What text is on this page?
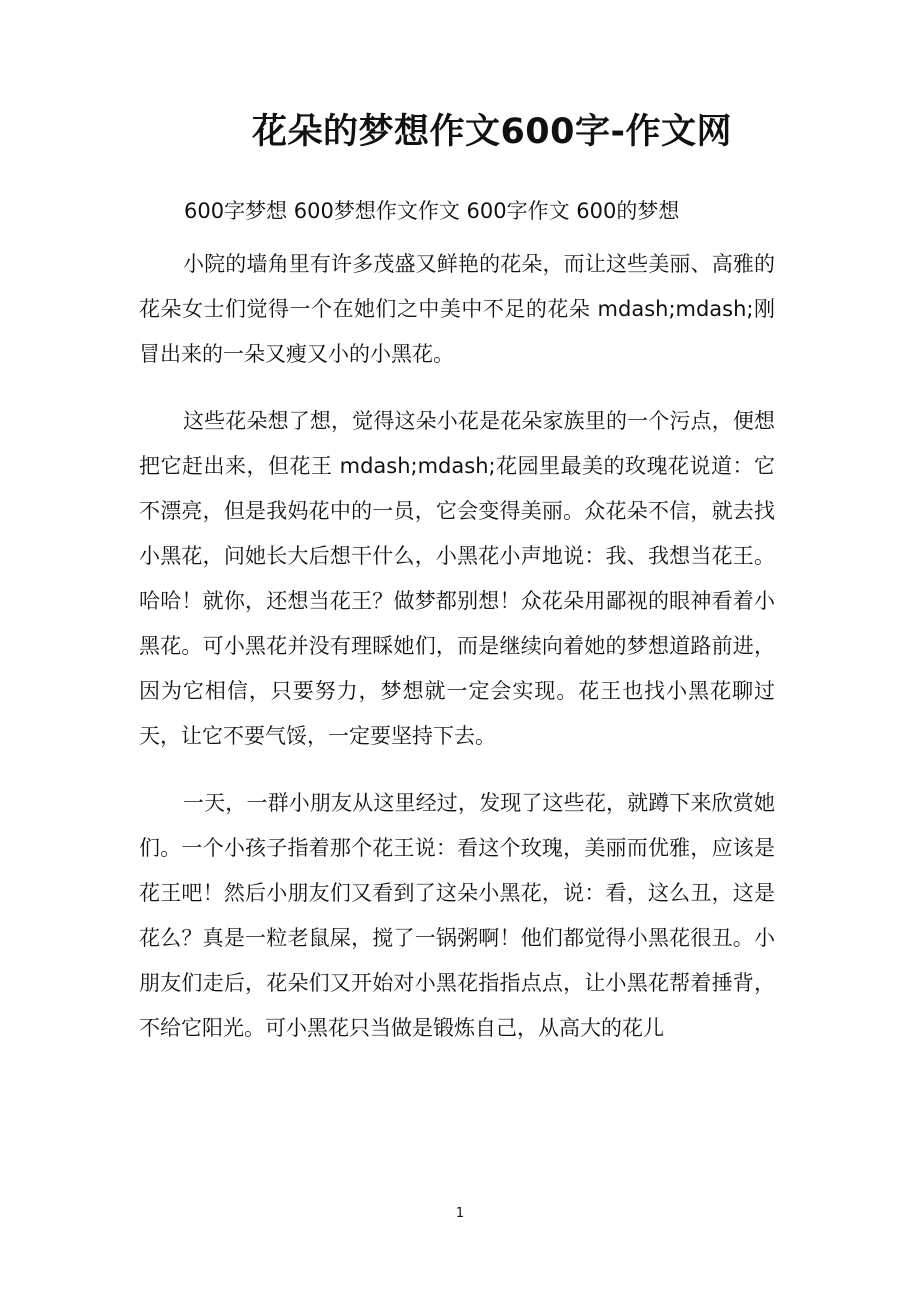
花朵的梦想作文600字-作文网

600字梦想 600梦想作文作文 600字作文 600的梦想

小院的墙角里有许多茂盛又鲜艳的花朵，而让这些美丽、高雅的花朵女士们觉得一个在她们之中美中不足的花朵 mdash;mdash;刚冒出来的一朵又瘦又小的小黑花。

这些花朵想了想，觉得这朵小花是花朵家族里的一个污点，便想把它赶出来，但花王 mdash;mdash;花园里最美的玫瑰花说道：它不漂亮，但是我妈花中的一员，它会变得美丽。众花朵不信，就去找小黑花，问她长大后想干什么，小黑花小声地说：我、我想当花王。哈哈！就你，还想当花王？做梦都别想！众花朵用鄙视的眼神看着小黑花。可小黑花并没有理睬她们，而是继续向着她的梦想道路前进，因为它相信，只要努力，梦想就一定会实现。花王也找小黑花聊过天，让它不要气馁，一定要坚持下去。

一天，一群小朋友从这里经过，发现了这些花，就蹲下来欣赏她们。一个小孩子指着那个花王说：看这个玫瑰，美丽而优雅，应该是花王吧！然后小朋友们又看到了这朵小黑花，说：看，这么丑，这是花么？真是一粒老鼠屎，搅了一锅粥啊！他们都觉得小黑花很丑。小朋友们走后，花朵们又开始对小黑花指指点点，让小黑花帮着捶背，不给它阳光。可小黑花只当做是锻炼自己，从高大的花儿

1
